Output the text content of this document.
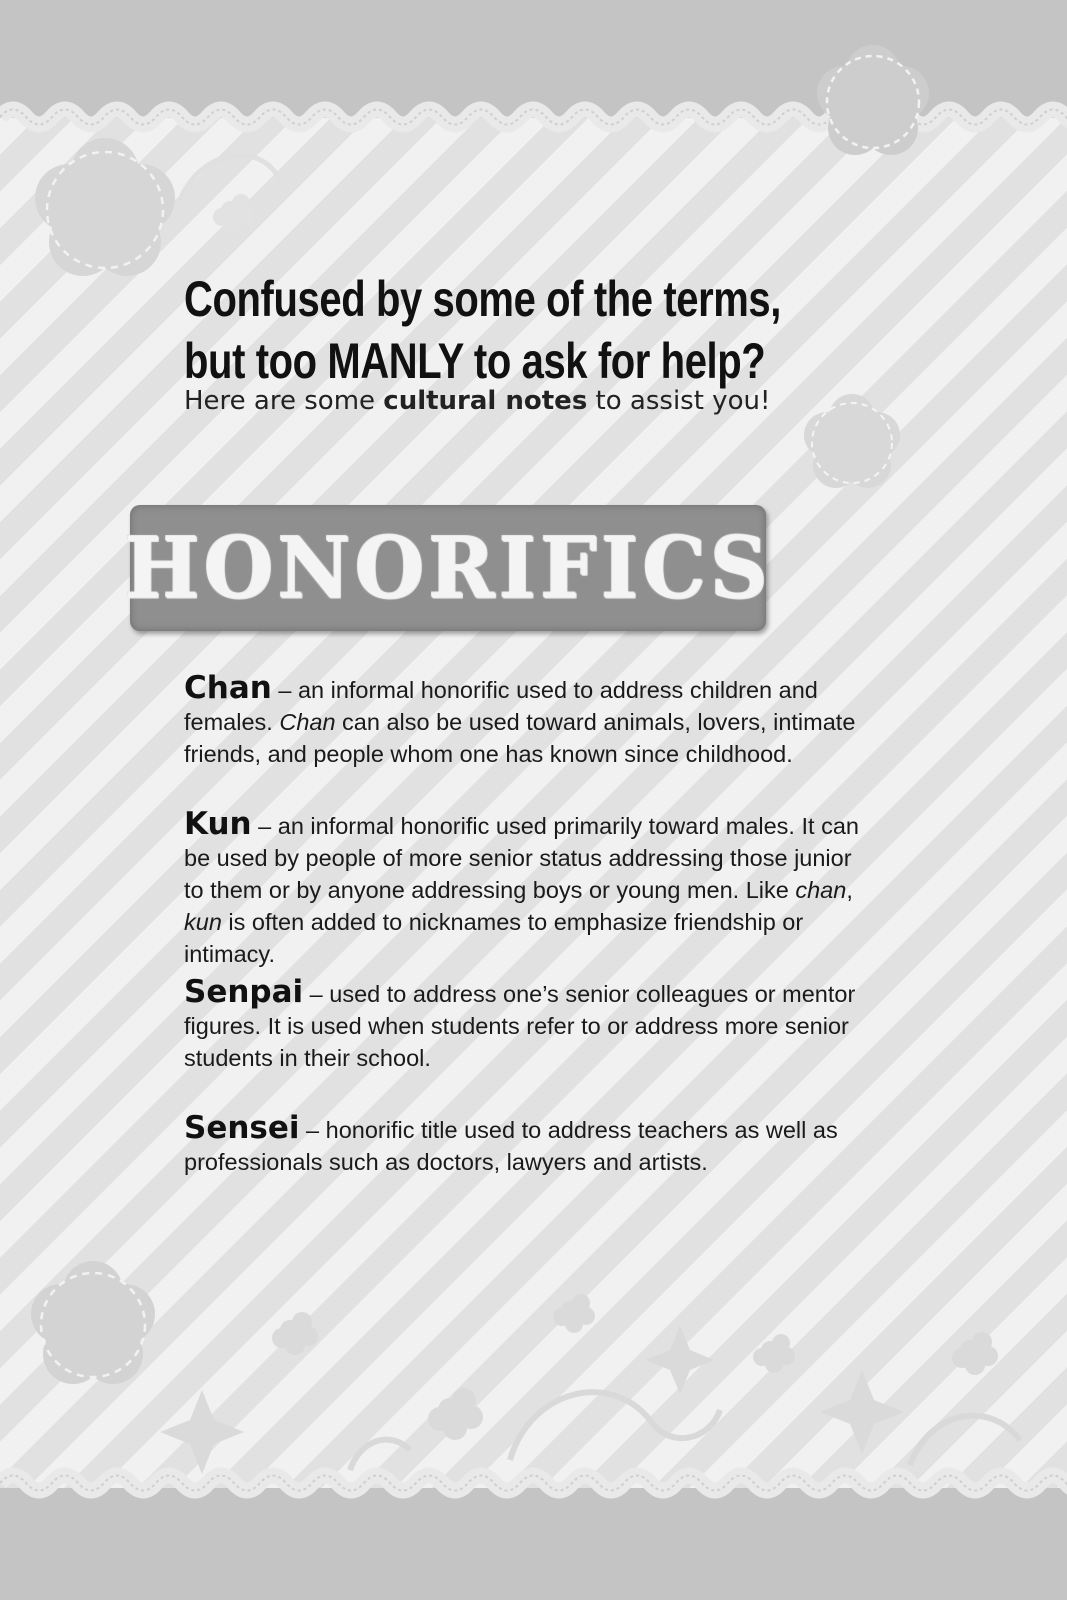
Confused by some of the terms,
but too MANLY to ask for help?

Here are some cultural notes to assist you!

HONORIFICS

Chan – an informal honorific used to address children and females. Chan can also be used toward animals, lovers, intimate friends, and people whom one has known since childhood.

Kun – an informal honorific used primarily toward males. It can be used by people of more senior status addressing those junior to them or by anyone addressing boys or young men. Like chan, kun is often added to nicknames to emphasize friendship or intimacy.

Senpai – used to address one’s senior colleagues or mentor figures. It is used when students refer to or address more senior students in their school.

Sensei – honorific title used to address teachers as well as professionals such as doctors, lawyers and artists.
